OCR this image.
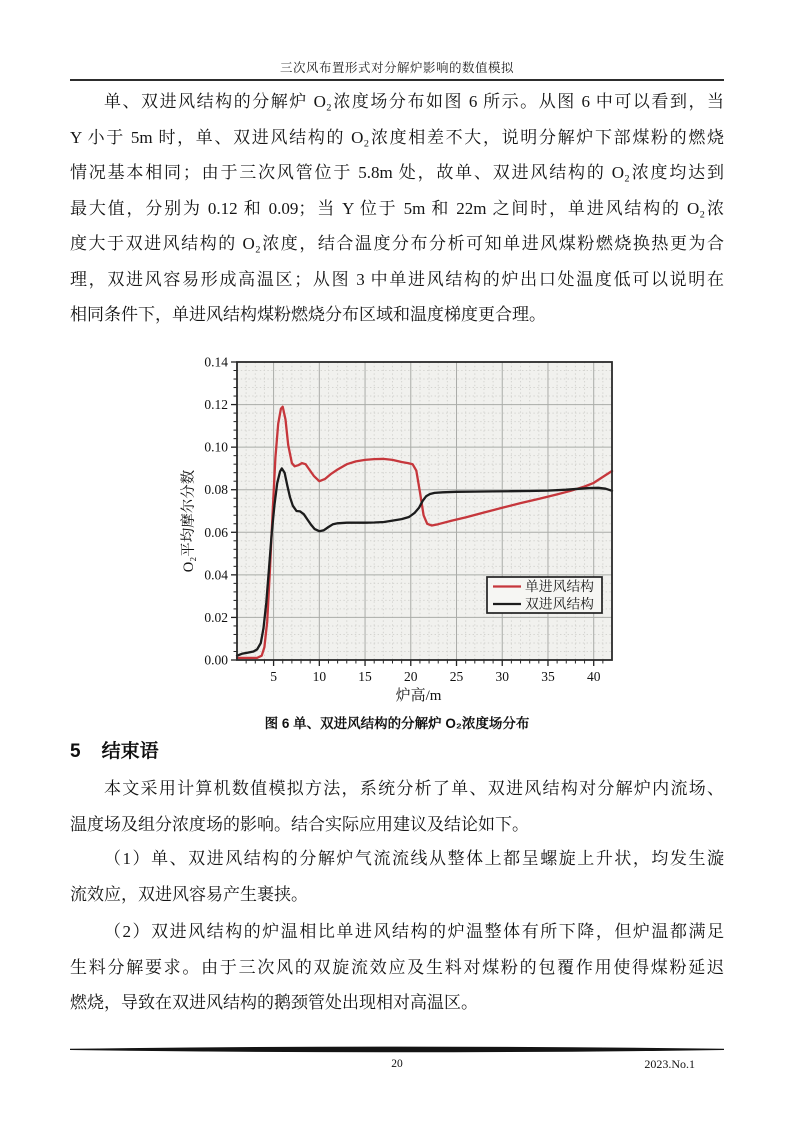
三次风布置形式对分解炉影响的数值模拟
单、双进风结构的分解炉 O₂浓度场分布如图 6 所示。从图 6 中可以看到，当
Y 小于 5m 时，单、双进风结构的 O₂浓度相差不大，说明分解炉下部煤粉的燃烧
情况基本相同；由于三次风管位于 5.8m 处，故单、双进风结构的 O₂浓度均达到
最大值，分别为 0.12 和 0.09；当 Y 位于 5m 和 22m 之间时，单进风结构的 O₂浓
度大于双进风结构的 O₂浓度，结合温度分布分析可知单进风煤粉燃烧换热更为合
理，双进风容易形成高温区；从图 3 中单进风结构的炉出口处温度低可以说明在
相同条件下，单进风结构煤粉燃烧分布区域和温度梯度更合理。
5	10 15 20 25 30 35 40
0.00
0.02
0.04
0.06
0.08
0.10
0.12
0.14
单进风结构
双进风结构
炉高/m
O₂平均摩尔分数
图 6 单、双进风结构的分解炉 O₂浓度场分布
5 结束语
本文采用计算机数值模拟方法，系统分析了单、双进风结构对分解炉内流场、
温度场及组分浓度场的影响。结合实际应用建议及结论如下。
（1）单、双进风结构的分解炉气流流线从整体上都呈螺旋上升状，均发生漩
流效应，双进风容易产生裹挟。
（2）双进风结构的炉温相比单进风结构的炉温整体有所下降，但炉温都满足
生料分解要求。由于三次风的双旋流效应及生料对煤粉的包覆作用使得煤粉延迟
燃烧，导致在双进风结构的鹅颈管处出现相对高温区。
20	2023.No.1
